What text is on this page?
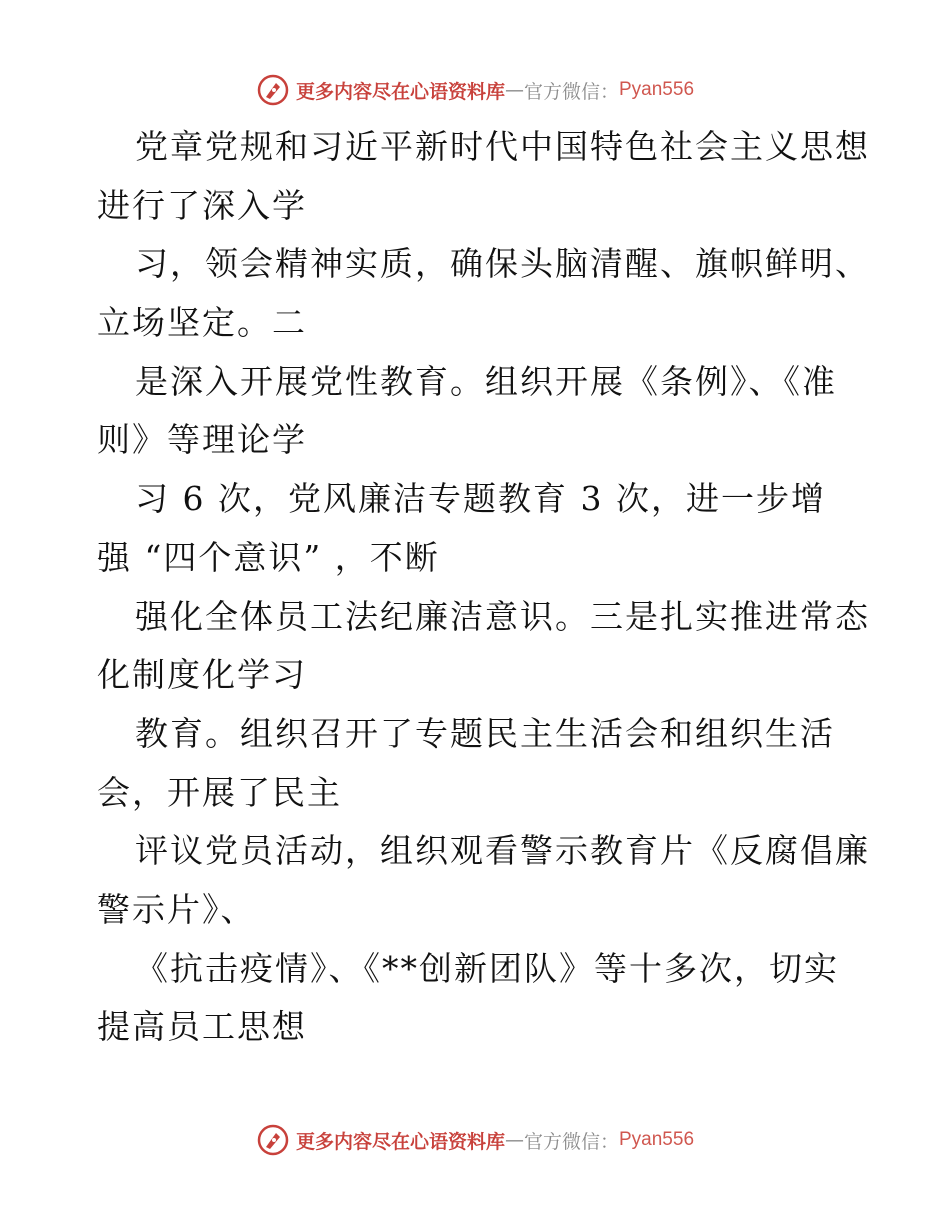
更多内容尽在心语资料库 — 官方微信： Pyan556
党章党规和习近平新时代中国特色社会主义思想
进行了深入学
习，领会精神实质，确保头脑清醒、旗帜鲜明、
立场坚定。二
是深入开展党性教育。组织开展《条例》、《准
则》等理论学
习 6 次，党风廉洁专题教育 3 次，进一步增
强 “四个意识” ，不断
强化全体员工法纪廉洁意识。三是扎实推进常态
化制度化学习
教育。组织召开了专题民主生活会和组织生活
会，开展了民主
评议党员活动，组织观看警示教育片《反腐倡廉
警示片》、
《抗击疫情》、《**创新团队》等十多次，切实
提高员工思想
更多内容尽在心语资料库 — 官方微信： Pyan556
